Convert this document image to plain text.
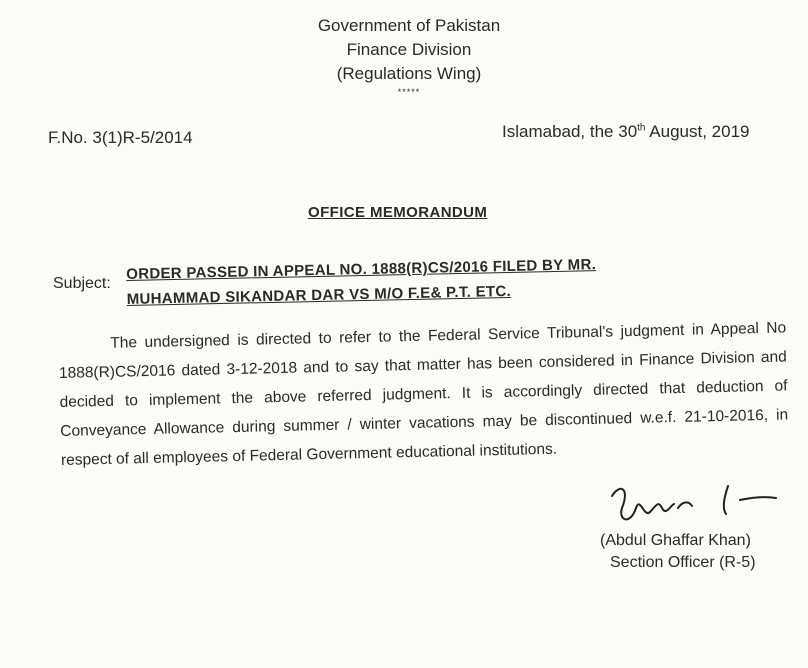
Government of Pakistan
Finance Division
(Regulations Wing)
*****
F.No. 3(1)R-5/2014	Islamabad, the 30th August, 2019
OFFICE MEMORANDUM
Subject:
ORDER PASSED IN APPEAL NO. 1888(R)CS/2016 FILED BY MR. MUHAMMAD SIKANDAR DAR VS M/O F.E& P.T. ETC.
The undersigned is directed to refer to the Federal Service Tribunal's judgment in Appeal No 1888(R)CS/2016 dated 3-12-2018 and to say that matter has been considered in Finance Division and decided to implement the above referred judgment. It is accordingly directed that deduction of Conveyance Allowance during summer / winter vacations may be discontinued w.e.f. 21-10-2016, in respect of all employees of Federal Government educational institutions.
(Abdul Ghaffar Khan)
Section Officer (R-5)
